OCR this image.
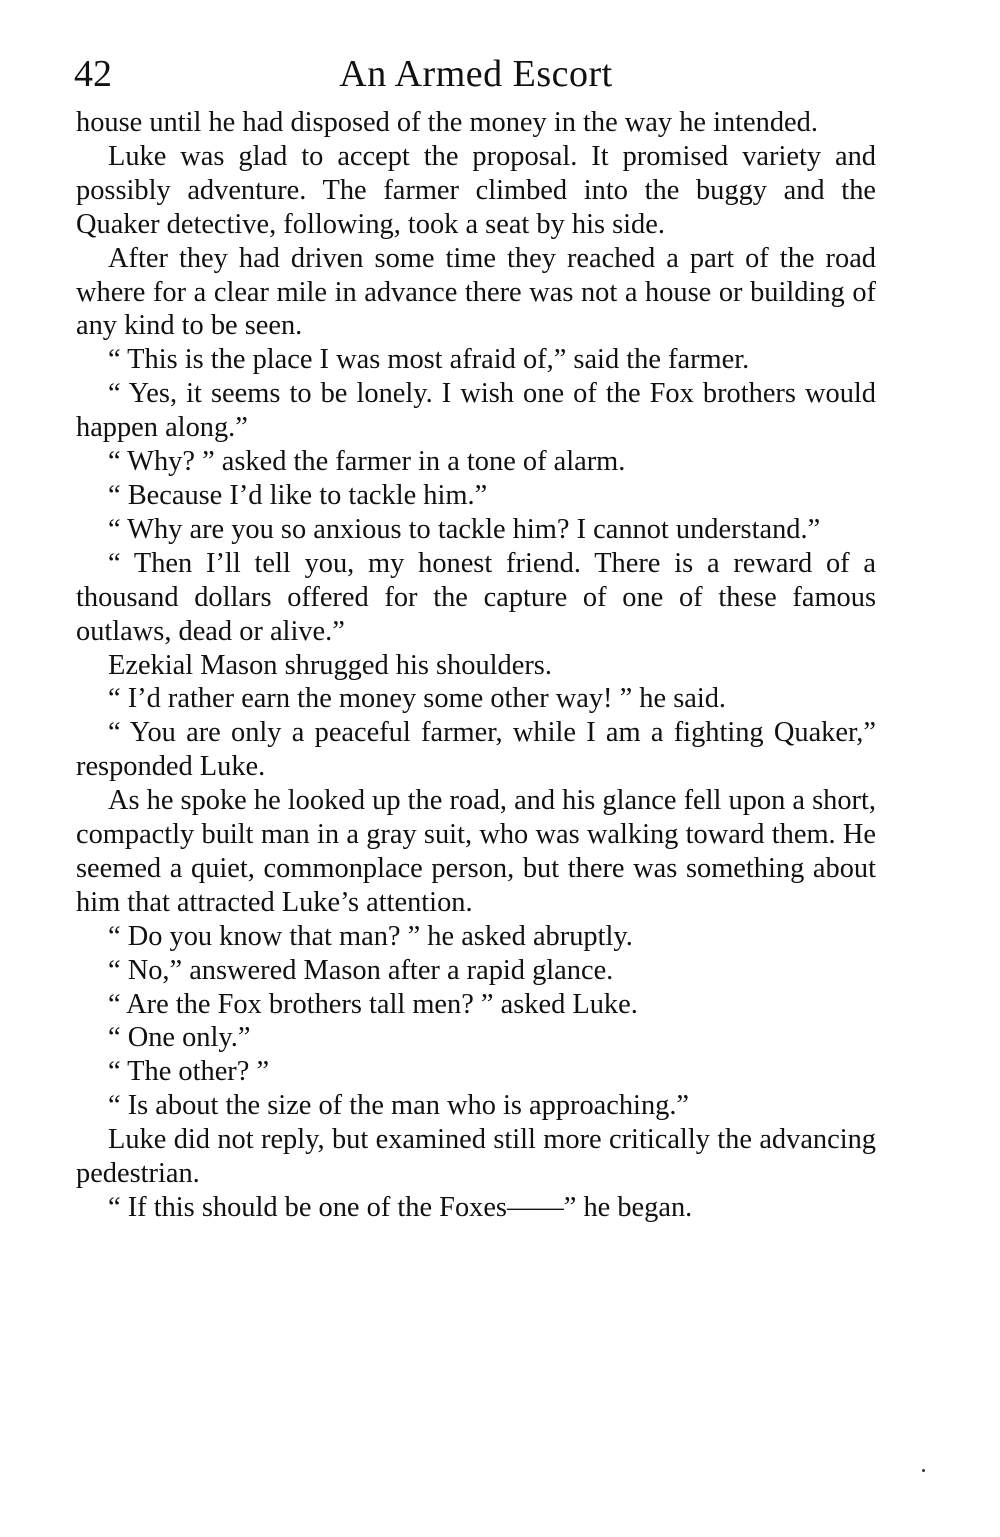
42	An Armed Escort

house until he had disposed of the money in the way he intended.

Luke was glad to accept the proposal. It promised variety and possibly adventure. The farmer climbed into the buggy and the Quaker detective, following, took a seat by his side.

After they had driven some time they reached a part of the road where for a clear mile in advance there was not a house or building of any kind to be seen.

“ This is the place I was most afraid of,” said the farmer.

“ Yes, it seems to be lonely. I wish one of the Fox brothers would happen along.”

“ Why? ” asked the farmer in a tone of alarm.

“ Because I’d like to tackle him.”

“ Why are you so anxious to tackle him? I cannot understand.”

“ Then I’ll tell you, my honest friend. There is a reward of a thousand dollars offered for the capture of one of these famous outlaws, dead or alive.”

Ezekial Mason shrugged his shoulders.

“ I’d rather earn the money some other way! ” he said.

“ You are only a peaceful farmer, while I am a fighting Quaker,” responded Luke.

As he spoke he looked up the road, and his glance fell upon a short, compactly built man in a gray suit, who was walking toward them. He seemed a quiet, commonplace person, but there was something about him that attracted Luke’s attention.

“ Do you know that man? ” he asked abruptly.

“ No,” answered Mason after a rapid glance.

“ Are the Fox brothers tall men? ” asked Luke.

“ One only.”

“ The other? ”

“ Is about the size of the man who is approaching.”

Luke did not reply, but examined still more critically the advancing pedestrian.

“ If this should be one of the Foxes——” he began.
